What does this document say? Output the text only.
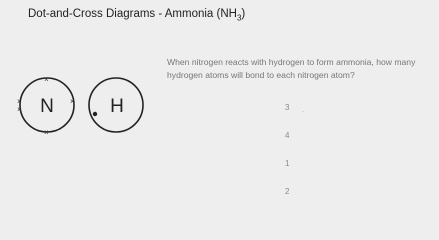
Dot-and-Cross Diagrams - Ammonia $(NH_3)$
When nitrogen reacts with hydrogen to form ammonia, how many hydrogen atoms will bond to each nitrogen atom?
N
×
×
×
×
×
H	3 -
4
1
2
